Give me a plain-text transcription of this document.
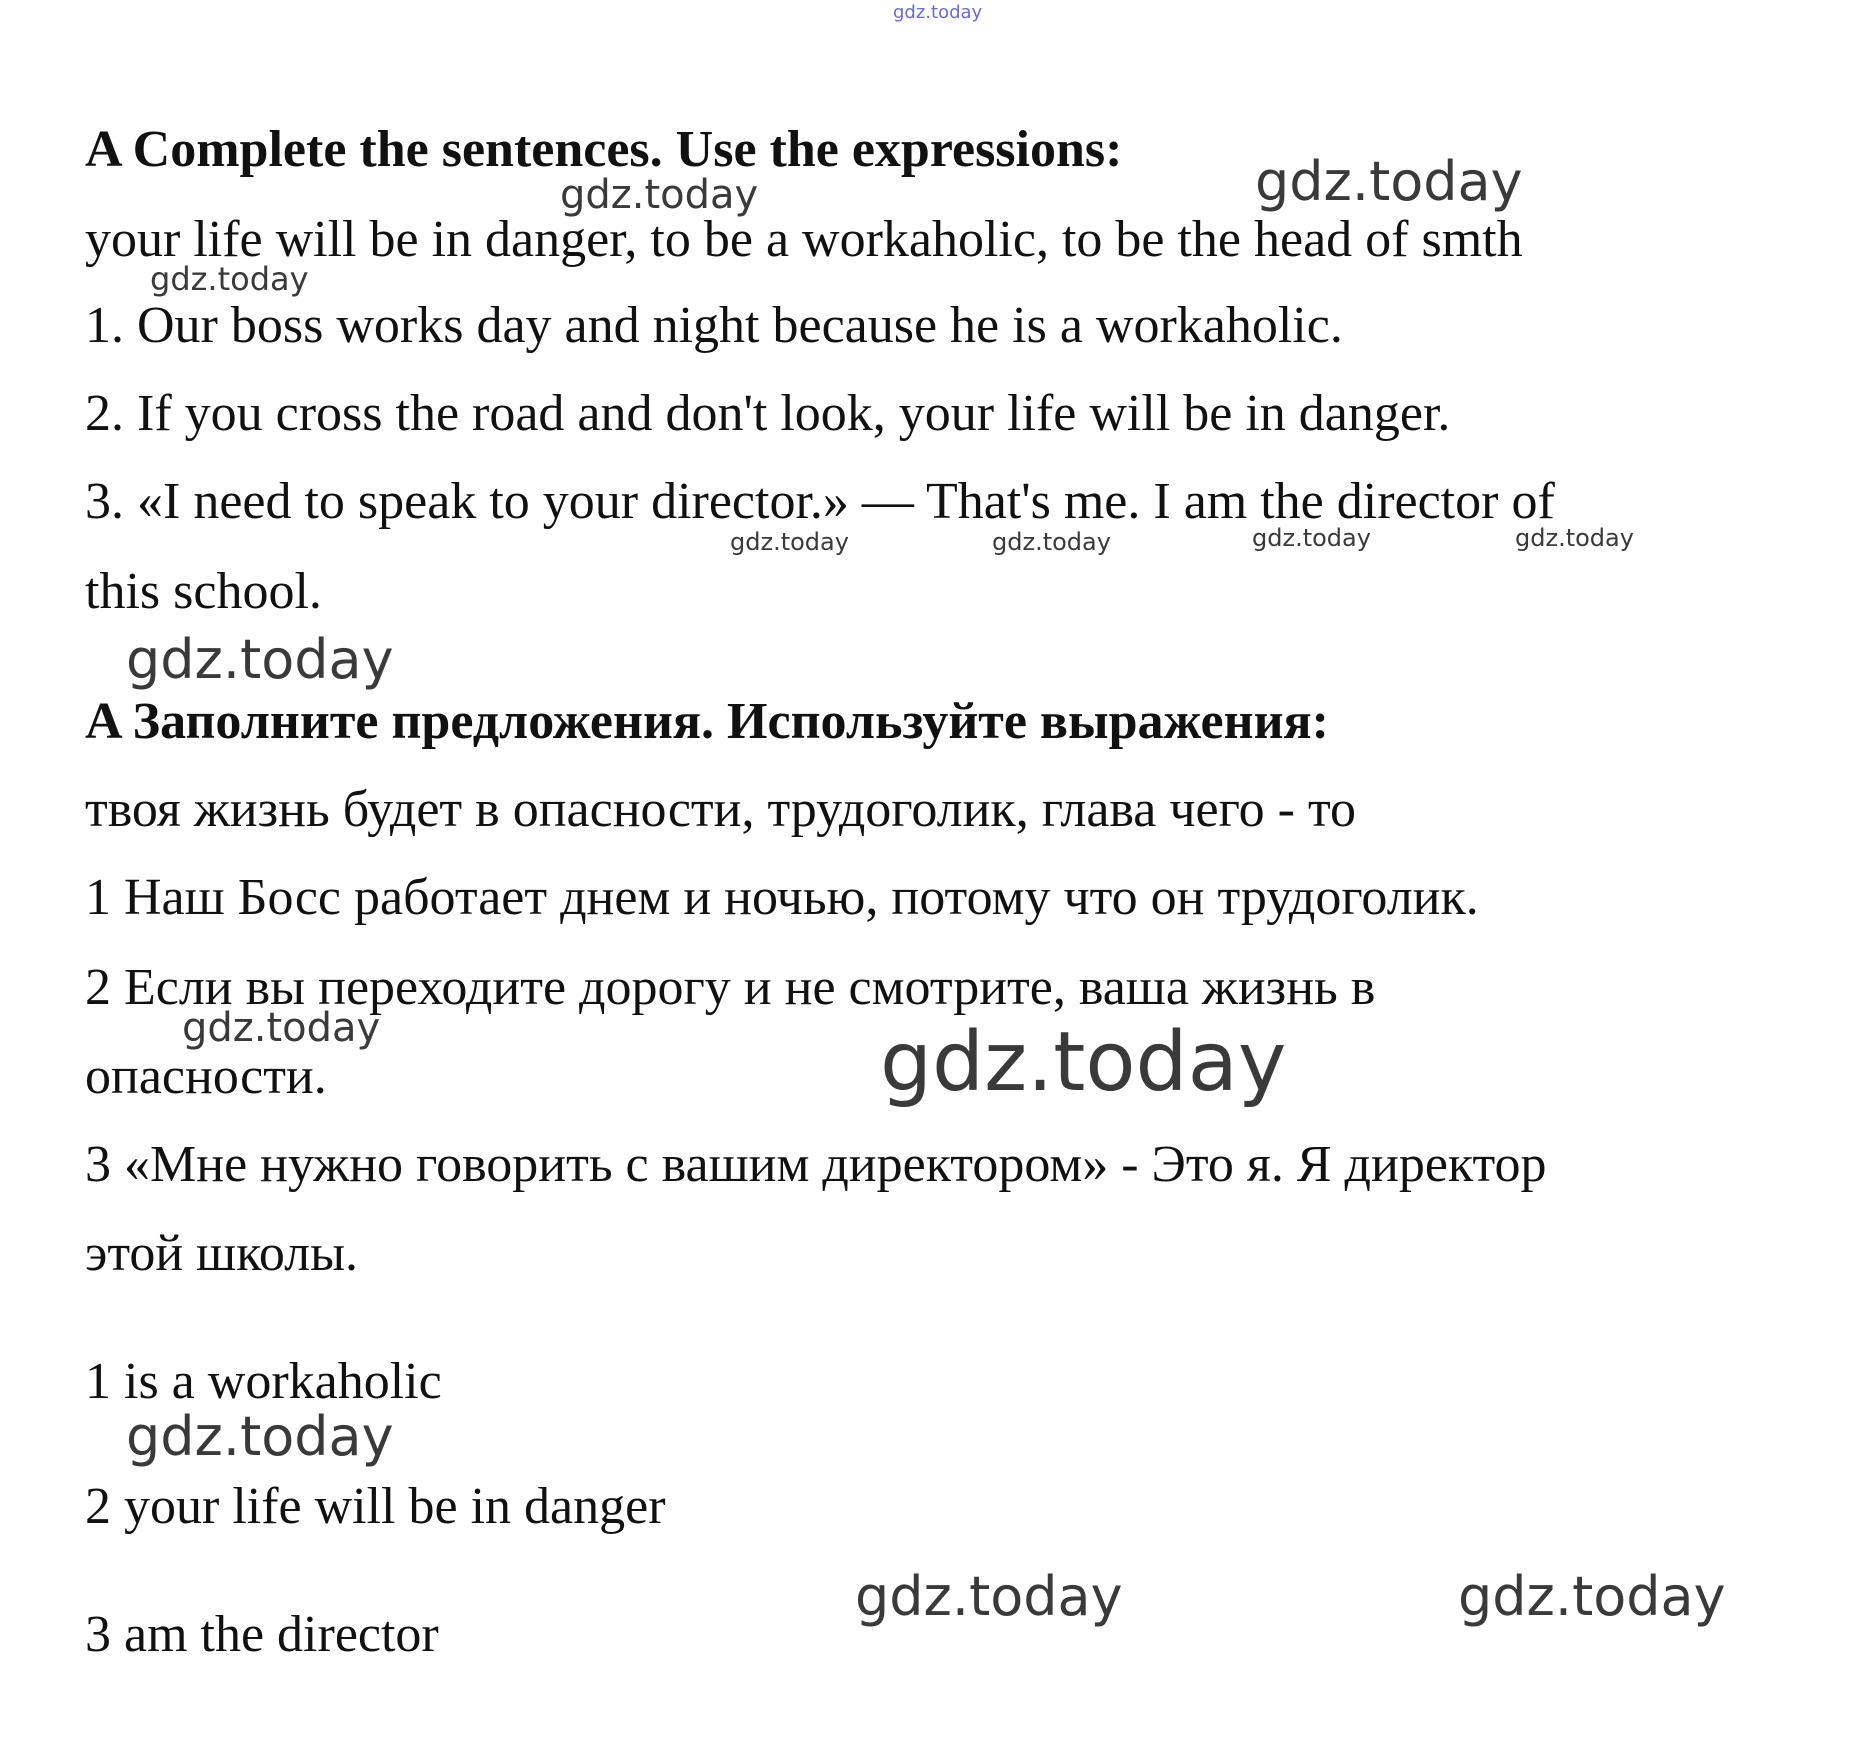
gdz.today
A Complete the sentences. Use the expressions:
your life will be in danger, to be a workaholic, to be the head of smth
1. Our boss works day and night because he is a workaholic.
2. If you cross the road and don't look, your life will be in danger.
3. «I need to speak to your director.» — That's me. I am the director of
this school.
A Заполните предложения. Используйте выражения:
твоя жизнь будет в опасности, трудоголик, глава чего - то
1 Наш Босс работает днем и ночью, потому что он трудоголик.
2 Если вы переходите дорогу и не смотрите, ваша жизнь в
опасности.
3 «Мне нужно говорить с вашим директором» - Это я. Я директор
этой школы.
1 is a workaholic
2 your life will be in danger
3 am the director
gdz.today
gdz.today
gdz.today
gdz.today	gdz.today	gdz.today	gdz.today
gdz.today
gdz.today	gdz.today
gdz.today
gdz.today	gdz.today
